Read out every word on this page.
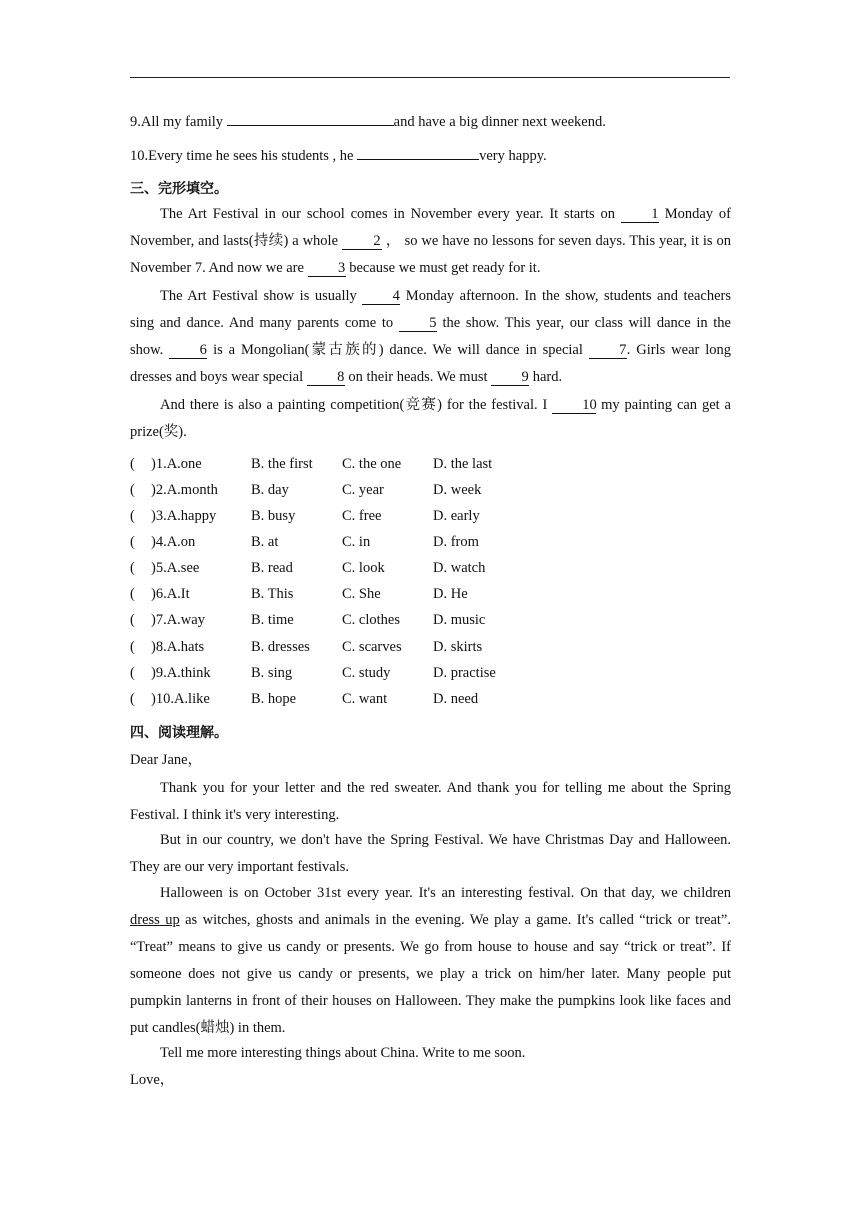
9.All my family	and have a big dinner next weekend.
10.Every time he sees his students , he	very happy.
三、完形填空。
The Art Festival in our school comes in November every year. It starts on 1 Monday of November, and lasts(持续) a whole 2 ， so we have no lessons for seven days. This year, it is on November 7. And now we are 3 because we must get ready for it.
The Art Festival show is usually 4 Monday afternoon. In the show, students and teachers sing and dance. And many parents come to 5 the show. This year, our class will dance in the show. 6 is a Mongolian(蒙古族的) dance. We will dance in special 7. Girls wear long dresses and boys wear special 8 on their heads. We must 9 hard.
And there is also a painting competition(竞赛) for the festival. I 10 my painting can get a prize(奖).
( )1.A.one	B. the first C. the one D. the last
( )2.A.month B. day	C. year	D. week
( )3.A.happy B. busy	C. free	D. early
( )4.A.on	B. at	C. in	D. from
( )5.A.see	B. read	C. look	D. watch
( )6.A.It	B. This	C. She	D. He
( )7.A.way	B. time	C. clothes D. music
( )8.A.hats	B. dresses C. scarves D. skirts
( )9.A.think	B. sing	C. study	D. practise
( )10.A.like	B. hope	C. want	D. need
四、阅读理解。
Dear Jane，
Thank you for your letter and the red sweater. And thank you for telling me about the Spring Festival. I think it's very interesting.
But in our country, we don't have the Spring Festival. We have Christmas Day and Halloween. They are our very important festivals.
Halloween is on October 31st every year. It's an interesting festival. On that day, we children dress up as witches, ghosts and animals in the evening. We play a game. It's called “trick or treat”. “Treat” means to give us candy or presents. We go from house to house and say “trick or treat”. If someone does not give us candy or presents, we play a trick on him/her later. Many people put pumpkin lanterns in front of their houses on Halloween. They make the pumpkins look like faces and put candles(蜡烛) in them.
Tell me more interesting things about China. Write to me soon.
Love，
